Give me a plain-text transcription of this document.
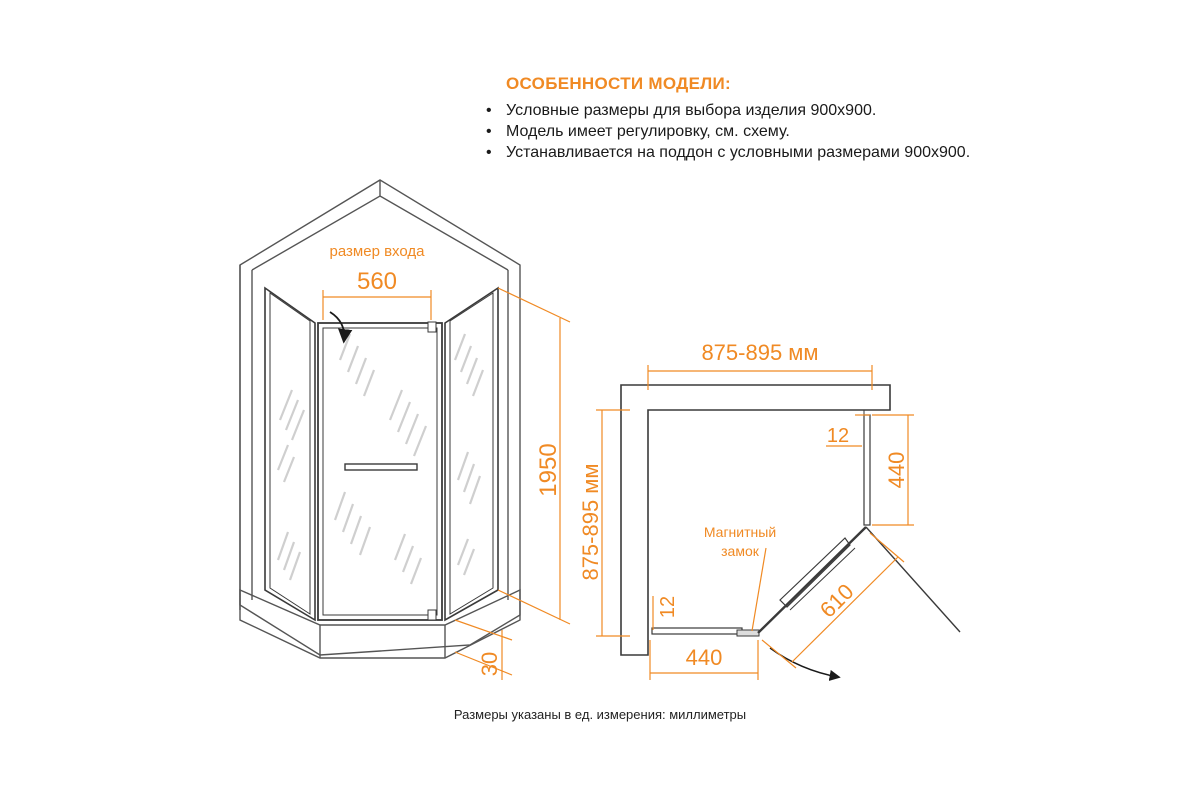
ОСОБЕННОСТИ МОДЕЛИ:
• Условные размеры для выбора изделия 900х900.
• Модель имеет регулировку, см. схему.
• Устанавливается на поддон с условными размерами 900х900.
размер входа
560
1950
30
875-895 мм
875-895 мм
12
440
12
440
610
Магнитный
замок
Размеры указаны в ед. измерения: миллиметры
